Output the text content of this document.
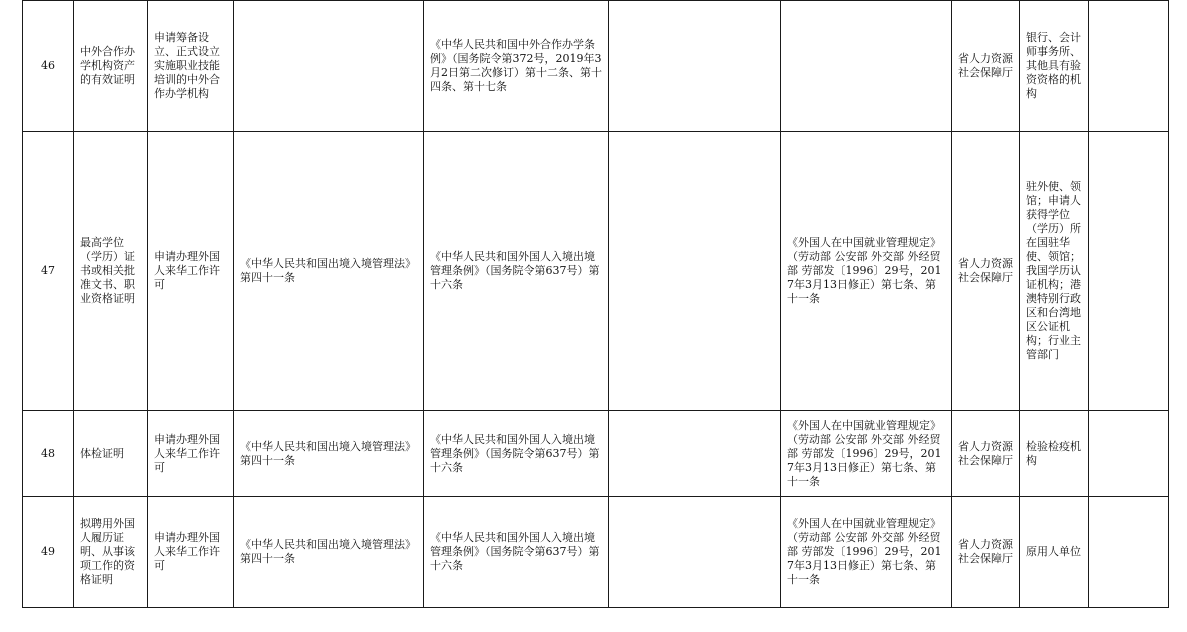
46	中外合作办学机构资产的有效证明	申请筹备设立、正式设立实施职业技能培训的中外合作办学机构		《中华人民共和国中外合作办学条例》（国务院令第372号，2019年3月2日第二次修订）第十二条、第十四条、第十七条			省人力资源社会保障厅	银行、会计师事务所、其他具有验资资格的机构	
47	最高学位（学历）证书或相关批准文书、职业资格证明	申请办理外国人来华工作许可	《中华人民共和国出境入境管理法》第四十一条	《中华人民共和国外国人入境出境管理条例》（国务院令第637号）第十六条		《外国人在中国就业管理规定》（劳动部 公安部 外交部 外经贸部 劳部发〔1996〕29号，2017年3月13日修正）第七条、第十一条	省人力资源社会保障厅	驻外使、领馆；申请人获得学位（学历）所在国驻华使、领馆；我国学历认证机构；港澳特别行政区和台湾地区公证机构；行业主管部门	
48	体检证明	申请办理外国人来华工作许可	《中华人民共和国出境入境管理法》第四十一条	《中华人民共和国外国人入境出境管理条例》（国务院令第637号）第十六条		《外国人在中国就业管理规定》（劳动部 公安部 外交部 外经贸部 劳部发〔1996〕29号，2017年3月13日修正）第七条、第十一条	省人力资源社会保障厅	检验检疫机构	
49	拟聘用外国人履历证明、从事该项工作的资格证明	申请办理外国人来华工作许可	《中华人民共和国出境入境管理法》第四十一条	《中华人民共和国外国人入境出境管理条例》（国务院令第637号）第十六条		《外国人在中国就业管理规定》（劳动部 公安部 外交部 外经贸部 劳部发〔1996〕29号，2017年3月13日修正）第七条、第十一条	省人力资源社会保障厅	原用人单位	
